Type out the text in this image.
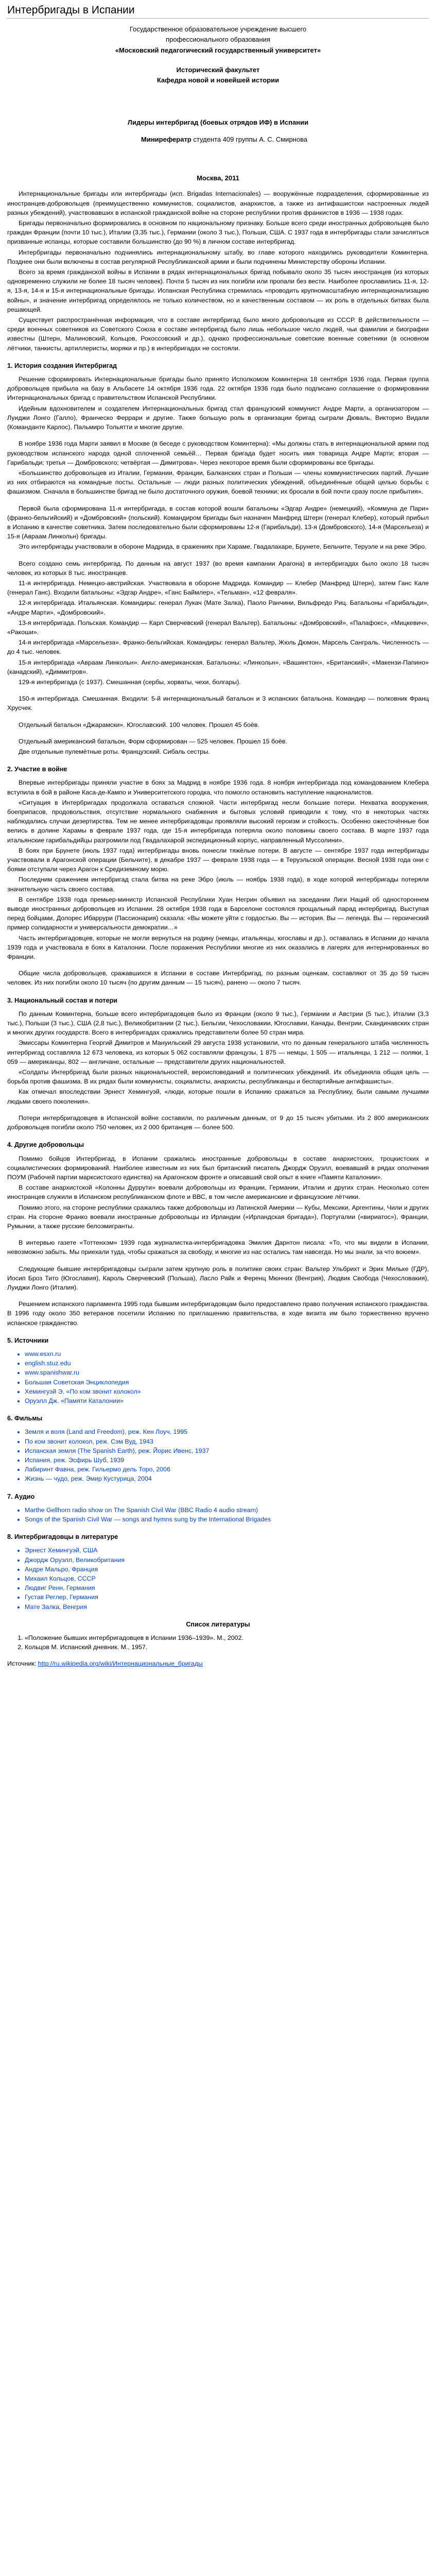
Интербригады в Испании

Государственное образовательное учреждение высшего

профессионального образования

«Московский педагогический государственный университет»

Исторический факультет

Кафедра новой и новейшей истории

Лидеры интербригад (боевых отрядов ИФ) в Испании

Минирефератр студента 409 группы А. С. Смирнова
Москва, 2011

Интернациональные бригады или интербригады (исп. Brigadas Internacionales) — вооружённые подразделения, сформированные из иностранцев-добровольцев (преимущественно коммунистов, социалистов, анархистов, а также из антифашистски настроенных людей разных убеждений), участвовавших в испанской гражданской войне на стороне республики против франкистов в 1936 — 1938 годах.

Бригады первоначально формировались в основном по национальному признаку. Больше всего среди иностранных добровольцев было граждан Франции (почти 10 тыс.), Италии (3,35 тыс.), Германии (около 3 тыс.), Польши, США. С 1937 года в интербригады стали зачисляться призванные испанцы, которые составили большинство (до 90 %) в личном составе интербригад.

Интербригады первоначально подчинялись интернациональному штабу, во главе которого находились руководители Коминтерна. Позднее они были включены в состав регулярной Республиканской армии и были подчинены Министерству обороны Испании.

Всего за время гражданской войны в Испании в рядах интернациональных бригад побывало около 35 тысяч иностранцев (из которых одновременно служили не более 18 тысяч человек). Почти 5 тысяч из них погибли или пропали без вести. Наиболее прославились 11-я, 12-я, 13-я, 14-я и 15-я интернациональные бригады. Испанская Республика стремилась «проводить крупномасштабную интернационализацию войны», и значение интербригад определялось не только количеством, но и качественным составом — их роль в отдельных битвах была решающей.

Существует распространённая информация, что в составе интербригад было много добровольцев из СССР. В действительности — среди военных советников из Советского Союза в составе интербригад было лишь небольшое число людей, чьи фамилии и биографии известны (Штерн, Малиновский, Кольцов, Рокоссовский и др.), однако профессиональные советские военные советники (в основном лётчики, танкисты, артиллеристы, моряки и пр.) в интербригадах не состояли.

1. История создания Интербригад

Решение сформировать Интернациональные бригады было принято Исполкомом Коминтерна 18 сентября 1936 года. Первая группа добровольцев прибыла на базу в Альбасете 14 октября 1936 года. 22 октября 1936 года было подписано соглашение о формировании Интернациональных бригад с правительством Испанской Республики.

Идейным вдохновителем и создателем Интернациональных бригад стал французский коммунист Андре Марти, а организатором — Луиджи Лонго (Галло), Франческо Феррари и другие. Также большую роль в организации бригад сыграли Дюваль, Викторио Видали (Команданте Карлос), Пальмиро Тольятти и многие другие.

В ноябре 1936 года Марти заявил в Москве (в беседе с руководством Коминтерна): «Мы должны стать в интернациональной армии под руководством испанского народа одной сплоченной семьёй… Первая бригада будет носить имя товарища Андре Марти; вторая — Гарибальди; третья — Домбровского; четвёртая — Димитрова». Через некоторое время были сформированы все бригады.

«Большинство добровольцев из Италии, Германии, Франции, Балканских стран и Польши — члены коммунистических партий. Лучшие из них отбираются на командные посты. Остальные — люди разных политических убеждений, объединённые общей целью борьбы с фашизмом. Сначала в большинстве бригад не было достаточного оружия, боевой техники; их бросали в бой почти сразу после прибытия».

Первой была сформирована 11-я интербригада, в состав которой вошли батальоны «Эдгар Андре» (немецкий), «Коммуна де Пари» (франко-бельгийский) и «Домбровский» (польский). Командиром бригады был назначен Манфред Штерн (генерал Клебер), который прибыл в Испанию в качестве советника. Затем последовательно были сформированы 12-я (Гарибальди), 13-я (Домбровского), 14-я (Марсельеза) и 15-я (Авраам Линкольн) бригады.

Это интербригады участвовали в обороне Мадрида, в сражениях при Хараме, Гвадалахаре, Брунете, Бельчите, Теруэле и на реке Эбро.

Всего создано семь интербригад. По данным на август 1937 (во время кампании Арагона) в интербригадах было около 18 тысяч человек, из которых 8 тыс. иностранцев.

11-я интербригада. Немецко-австрийская. Участвовала в обороне Мадрида. Командир — Клебер (Манфред Штерн), затем Ганс Кале (генерал Ганс). Входили батальоны: «Эдгар Андре», «Ганс Баймлер», «Тельман», «12 февраля».

12-я интербригада. Итальянская. Командиры: генерал Лукач (Мате Залка), Паоло Ранчини, Вильфредо Риц. Батальоны «Гарибальди», «Андре Марти», «Домбровский».

13-я интербригада. Польская. Командир — Карл Сверчевский (генерал Вальтер). Батальоны: «Домбровский», «Палафокс», «Мицкевич», «Ракоши».

14-я интербригада «Марсельеза». Франко-бельгийская. Командиры: генерал Вальтер, Жюль Дюмон, Марсель Санграль. Численность — до 4 тыс. человек.

15-я интербригада «Авраам Линкольн». Англо-американская. Батальоны: «Линкольн», «Вашингтон», «Британский», «Макензи-Папино» (канадский), «Диммитров».

129-я интербригада (с 1937). Смешанная (сербы, хорваты, чехи, болгары).

150-я интербригада. Смешанная. Входили: 5-й интернациональный батальон и 3 испанских батальона. Командир — полковник Франц Хрусчек.

Отдельный батальон «Джарамски». Югославский. 100 человек. Прошел 45 боёв.

Отдельный американский батальон, Форм сформирован — 525 человек. Прошел 15 боёв.

Две отдельные пулемётные роты. Французский. Сибаль сестры.

2. Участие в войне

Впервые интербригады приняли участие в боях за Мадрид в ноябре 1936 года. 8 ноября интербригада под командованием Клебера вступила в бой в районе Каса-де-Кампо и Университетского городка, что помогло остановить наступление националистов.

«Ситуация в Интербригадах продолжала оставаться сложной. Части интербригад несли большие потери. Нехватка вооружения, боеприпасов, продовольствия, отсутствие нормального снабжения и бытовых условий приводили к тому, что в некоторых частях наблюдались случаи дезертирства. Тем не менее интербригадовцы проявляли высокий героизм и стойкость. Особенно ожесточённые бои велись в долине Харамы в феврале 1937 года, где 15-я интербригада потеряла около половины своего состава. В марте 1937 года итальянские гарибальдийцы разгромили под Гвадалахарой экспедиционный корпус, направленный Муссолини».

В боях при Брунете (июль 1937 года) интербригады вновь понесли тяжёлые потери. В августе — сентябре 1937 года интербригады участвовали в Арагонской операции (Бельчите), в декабре 1937 — феврале 1938 года — в Теруэльской операции. Весной 1938 года они с боями отступали через Арагон к Средиземному морю.

Последним сражением интербригад стала битва на реке Эбро (июль — ноябрь 1938 года), в ходе которой интербригады потеряли значительную часть своего состава.

В сентябре 1938 года премьер-министр Испанской Республики Хуан Негрин объявил на заседании Лиги Наций об одностороннем выводе иностранных добровольцев из Испании. 28 октября 1938 года в Барселоне состоялся прощальный парад интербригад. Выступая перед бойцами, Долорес Ибаррури (Пассионария) сказала: «Вы можете уйти с гордостью. Вы — история. Вы — легенда. Вы — героический пример солидарности и универсальности демократии…»

Часть интербригадовцев, которые не могли вернуться на родину (немцы, итальянцы, югославы и др.), оставалась в Испании до начала 1939 года и участвовала в боях в Каталонии. После поражения Республики многие из них оказались в лагерях для интернированных во Франции.

Общие числа добровольцев, сражавшихся в Испании в составе Интербригад, по разным оценкам, составляют от 35 до 59 тысяч человек. Из них погибли около 10 тысяч (по другим данным — 15 тысяч), ранено — около 7 тысяч.

3. Национальный состав и потери

По данным Коминтерна, больше всего интербригадовцев было из Франции (около 9 тыс.), Германии и Австрии (5 тыс.), Италии (3,3 тыс.), Польши (3 тыс.), США (2,8 тыс.), Великобритании (2 тыс.), Бельгии, Чехословакии, Югославии, Канады, Венгрии, Скандинавских стран и многих других государств. Всего в интербригадах сражались представители более 50 стран мира.

Эмиссары Коминтерна Георгий Димитров и Мануильский 29 августа 1938 установили, что по данным генерального штаба численность интербригад составляла 12 673 человека, из которых 5 062 составляли французы, 1 875 — немцы, 1 505 — итальянцы, 1 212 — поляки, 1 059 — американцы, 802 — англичане, остальные — представители других национальностей.

«Солдаты Интербригад были разных национальностей, вероисповеданий и политических убеждений. Их объединяла общая цель — борьба против фашизма. В их рядах были коммунисты, социалисты, анархисты, республиканцы и беспартийные антифашисты».

Как отмечал впоследствии Эрнест Хемингуэй, «люди, которые пошли в Испанию сражаться за Республику, были самыми лучшими людьми своего поколения».

Потери интербригадовцев в Испанской войне составили, по различным данным, от 9 до 15 тысяч убитыми. Из 2 800 американских добровольцев погибли около 750 человек, из 2 000 британцев — более 500.

4. Другие добровольцы

Помимо бойцов Интербригад, в Испании сражались иностранные добровольцы в составе анархистских, троцкистских и социалистических формирований. Наиболее известным из них был британский писатель Джордж Оруэлл, воевавший в рядах ополчения ПОУМ (Рабочей партии марксистского единства) на Арагонском фронте и описавший свой опыт в книге «Памяти Каталонии».

В составе анархистской «Колонны Дуррути» воевали добровольцы из Франции, Германии, Италии и других стран. Несколько сотен иностранцев служили в Испанском республиканском флоте и ВВС, в том числе американские и французские лётчики.

Помимо этого, на стороне республики сражались также добровольцы из Латинской Америки — Кубы, Мексики, Аргентины, Чили и других стран. На стороне Франко воевали иностранные добровольцы из Ирландии («Ирландская бригада»), Португалии («вириатос»), Франции, Румынии, а также русские белоэмигранты.

В интервью газете «Тоттенхэм» 1939 года журналистка-интербригадовка Эмилия Дарнтон писала: «То, что мы видели в Испании, невозможно забыть. Мы приехали туда, чтобы сражаться за свободу, и многие из нас остались там навсегда. Но мы знали, за что воюем».

Следующие бывшие интербригадовцы сыграли затем крупную роль в политике своих стран: Вальтер Ульбрихт и Эрих Мильке (ГДР), Иосип Броз Тито (Югославия), Кароль Сверчевский (Польша), Ласло Райк и Ференц Мюнних (Венгрия), Людвик Свобода (Чехословакия), Луиджи Лонго (Италия).

Решением испанского парламента 1995 года бывшим интербригадовцам было предоставлено право получения испанского гражданства. В 1996 году около 350 ветеранов посетили Испанию по приглашению правительства, в ходе визита им было торжественно вручено испанское гражданство.

5. Источники
• www.esxn.ru
• english.stuz.edu
• www.spanishwar.ru
• Большая Советская Энциклопедия
• Хемингуэй Э. «По ком звонит колокол»
• Оруэлл Дж. «Памяти Каталонии»
6. Фильмы
• Земля и воля (Land and Freedom), реж. Кен Лоуч, 1995
• По ком звонит колокол, реж. Сэм Вуд, 1943
• Испанская земля (The Spanish Earth), реж. Йорис Ивенс, 1937
• Испания, реж. Эсфирь Шуб, 1939
• Лабиринт Фавна, реж. Гильермо дель Торо, 2006
• Жизнь — чудо, реж. Эмир Кустурица, 2004
7. Аудио
• Marthe Gellhorn radio show on The Spanish Civil War (BBC Radio 4 audio stream)
• Songs of the Spanish Civil War — songs and hymns sung by the International Brigades
8. Интербригадовцы в литературе
• Эрнест Хемингуэй, США
• Джордж Оруэлл, Великобритания
• Андре Мальро, Франция
• Михаил Кольцов, СССР
• Людвиг Ренн, Германия
• Густав Реглер, Германия
• Мате Залка, Венгрия
Список литературы
1. «Положение бывших интербригадовцев в Испании 1936–1939». М., 2002.
2. Кольцов М. Испанский дневник. М., 1957.
Источник: http://ru.wikipedia.org/wiki/Интернациональные_бригады
